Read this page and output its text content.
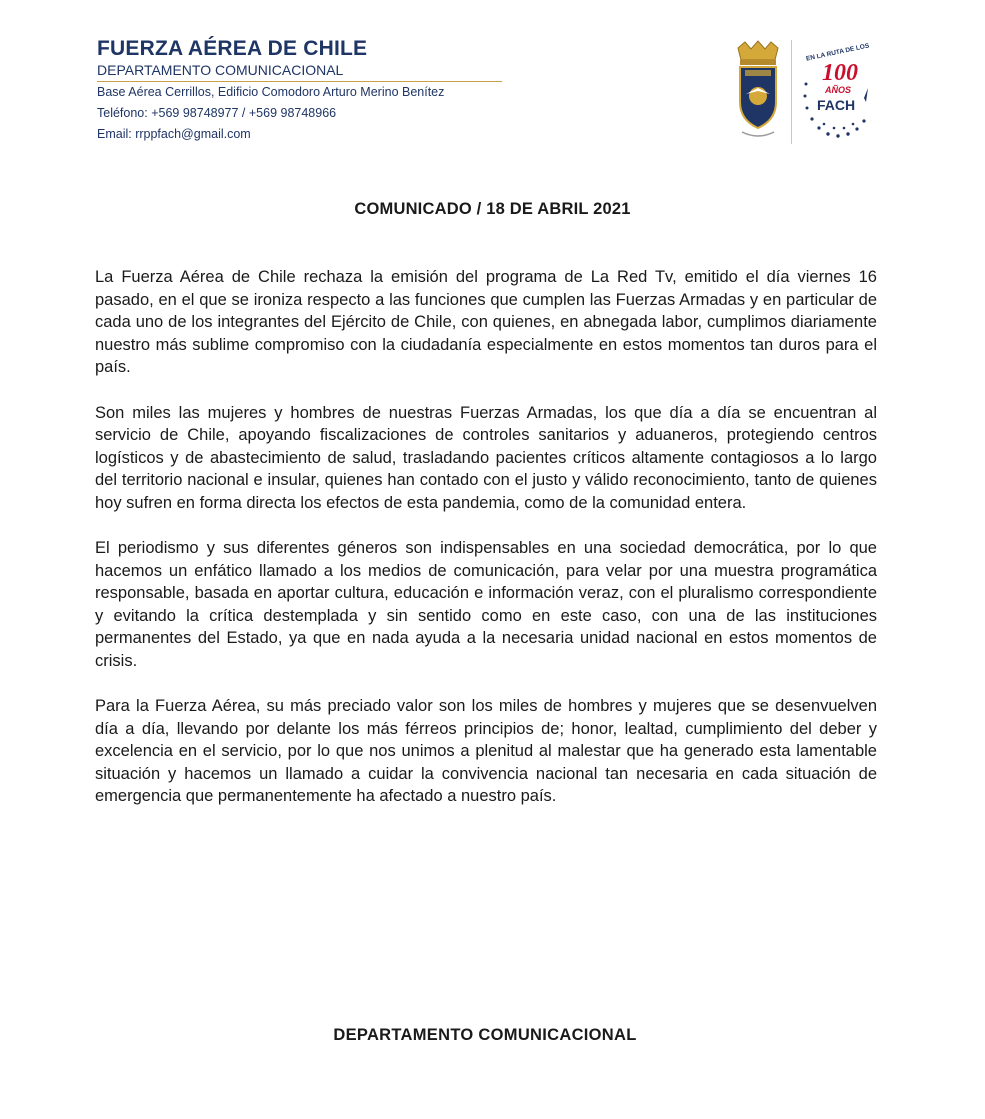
FUERZA AÉREA DE CHILE
DEPARTAMENTO COMUNICACIONAL
Base Aérea Cerrillos, Edificio Comodoro Arturo Merino Benítez
Teléfono: +569 98748977 / +569 98748966
Email: rrppfach@gmail.com
EN LA RUTA DE LOS
100
AÑOS
FACH
COMUNICADO / 18 DE ABRIL 2021

La Fuerza Aérea de Chile rechaza la emisión del programa de La Red Tv, emitido el día viernes 16 pasado, en el que se ironiza respecto a las funciones que cumplen las Fuerzas Armadas y en particular de cada uno de los integrantes del Ejército de Chile, con quienes, en abnegada labor, cumplimos diariamente nuestro más sublime compromiso con la ciudadanía especialmente en estos momentos tan duros para el país.

Son miles las mujeres y hombres de nuestras Fuerzas Armadas, los que día a día se encuentran al servicio de Chile, apoyando fiscalizaciones de controles sanitarios y aduaneros, protegiendo centros logísticos y de abastecimiento de salud, trasladando pacientes críticos altamente contagiosos a lo largo del territorio nacional e insular, quienes han contado con el justo y válido reconocimiento, tanto de quienes hoy sufren en forma directa los efectos de esta pandemia, como de la comunidad entera.

El periodismo y sus diferentes géneros son indispensables en una sociedad democrática, por lo que hacemos un enfático llamado a los medios de comunicación, para velar por una muestra programática responsable, basada en aportar cultura, educación e información veraz, con el pluralismo correspondiente y evitando la crítica destemplada y sin sentido como en este caso, con una de las instituciones permanentes del Estado, ya que en nada ayuda a la necesaria unidad nacional en estos momentos de crisis.

Para la Fuerza Aérea, su más preciado valor son los miles de hombres y mujeres que se desenvuelven día a día, llevando por delante los más férreos principios de; honor, lealtad, cumplimiento del deber y excelencia en el servicio, por lo que nos unimos a plenitud al malestar que ha generado esta lamentable situación y hacemos un llamado a cuidar la convivencia nacional tan necesaria en cada situación de emergencia que permanentemente ha afectado a nuestro país.

DEPARTAMENTO COMUNICACIONAL
